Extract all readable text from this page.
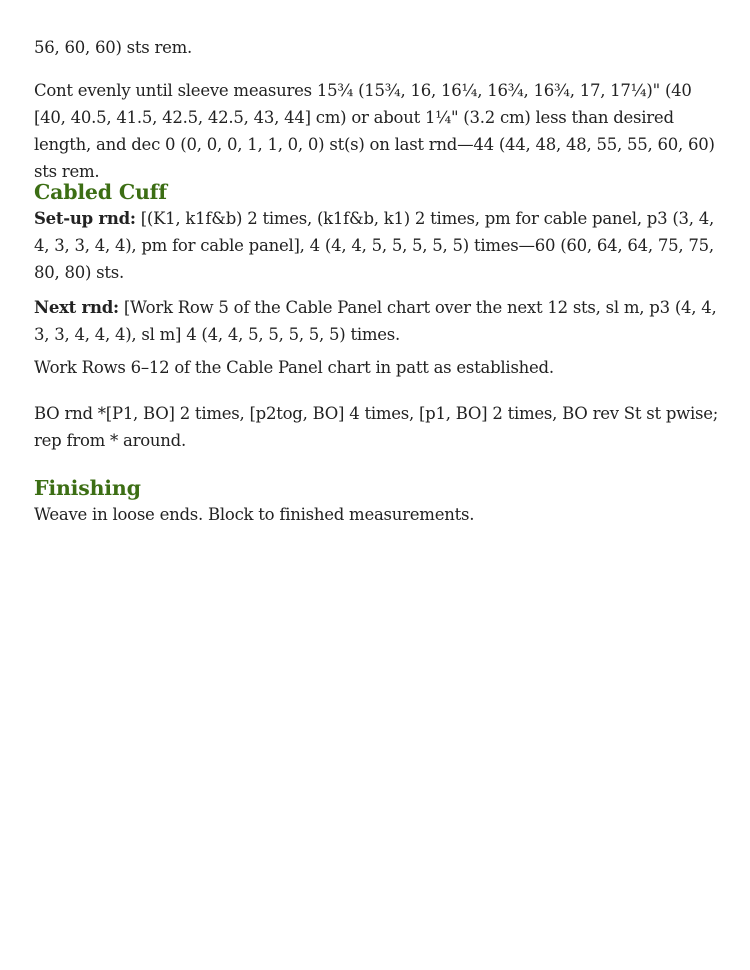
56, 60, 60) sts rem.

Cont evenly until sleeve measures 15¾ (15¾, 16, 16¼, 16¾, 16¾, 17, 17¼)" (40 [40, 40.5, 41.5, 42.5, 42.5, 43, 44] cm) or about 1¼" (3.2 cm) less than desired length, and dec 0 (0, 0, 0, 1, 1, 0, 0) st(s) on last rnd—44 (44, 48, 48, 55, 55, 60, 60) sts rem.

Cabled Cuff

Set-up rnd: [(K1, k1f&b) 2 times, (k1f&b, k1) 2 times, pm for cable panel, p3 (3, 4, 4, 3, 3, 4, 4), pm for cable panel], 4 (4, 4, 5, 5, 5, 5, 5) times—60 (60, 64, 64, 75, 75, 80, 80) sts.

Next rnd: [Work Row 5 of the Cable Panel chart over the next 12 sts, sl m, p3 (4, 4, 3, 3, 4, 4, 4), sl m] 4 (4, 4, 5, 5, 5, 5, 5) times.

Work Rows 6–12 of the Cable Panel chart in patt as established.

BO rnd *[P1, BO] 2 times, [p2tog, BO] 4 times, [p1, BO] 2 times, BO rev St st pwise; rep from * around.

Finishing

Weave in loose ends. Block to finished measurements.
